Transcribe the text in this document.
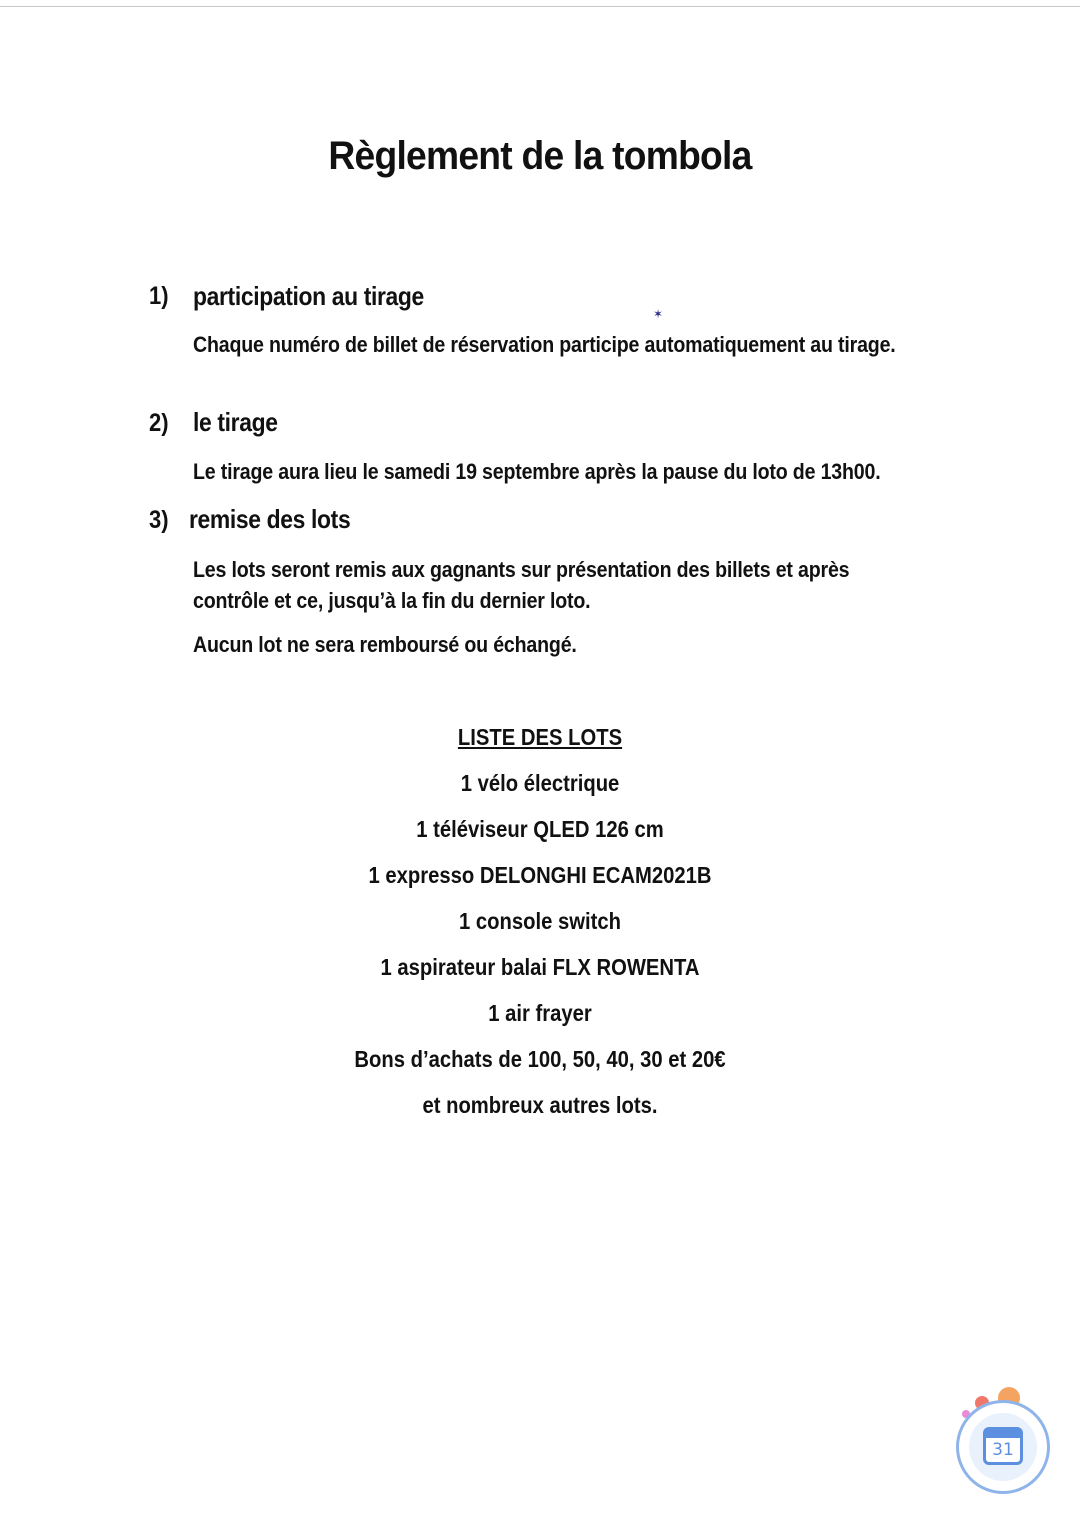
Règlement de la tombola
1) participation au tirage
✶

Chaque numéro de billet de réservation participe automatiquement au tirage.

2) le tirage

Le tirage aura lieu le samedi 19 septembre après la pause du loto de 13h00.

3) remise des lots

Les lots seront remis aux gagnants sur présentation des billets et après contrôle et ce, jusqu’à la fin du dernier loto.

Aucun lot ne sera remboursé ou échangé.

LISTE DES LOTS
1 vélo électrique
1 téléviseur QLED 126 cm
1 expresso DELONGHI ECAM2021B
1 console switch
1 aspirateur balai FLX ROWENTA
1 air frayer
Bons d’achats de 100, 50, 40, 30 et 20€
et nombreux autres lots.
31
